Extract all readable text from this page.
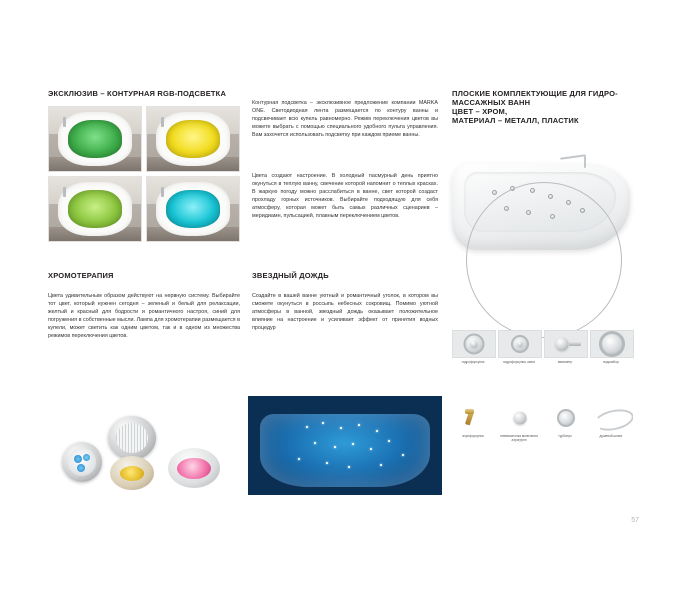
ЭКСКЛЮЗИВ – КОНТУРНАЯ RGB-ПОДСВЕТКА
Контурная подсветка – эксклюзивное предложение компании MARKA ONE. Светодиодная лента размещается по контуру ванны и подсвечивает всю купель равномерно. Режим переключения цветов вы можете выбрать с помощью специального удобного пульта управления. Вам захочется использовать подсветку при каждом приеме ванны.
Цвета создают настроение. В холодный пасмурный день приятно окунуться в теплую ванну, свечение которой напомнит о теплых красках. В жаркую погоду можно расслабиться в ванне, свет которой создаст прохладу горных источников. Выбирайте подходящую для себя атмосферу, которая может быть самых различных сценариев – меридиамн, пульсацией, плавным переключением цветов.
ХРОМОТЕРАПИЯ
Цвета удивительным образом действуют на нервную систему. Выбирайте тот цвет, который нужнен сегодня – зеленый и белый для релаксации, желтый и красный для бодрости и романтичного настроя, синий для погружения в собственные мысли. Лампа для хромотерапии размещается в купели, может светить как одним цветом, так и в одном из множества режимов переключения цветов.
ЗВЕЗДНЫЙ ДОЖДЬ
Создайте в вашей ванне уютный и романтичный уголок, в котором вы сможете окунуться в россыпь небесных сокровищ. Помимо уютной атмосферы в ванной, звездный дождь оказывает положительное влияние на настроение и усиливает эффект от принятия водных процедур
ПЛОСКИЕ КОМПЛЕКТУЮЩИЕ ДЛЯ ГИДРО-
МАССАЖНЫХ ВАНН
ЦВЕТ – ХРОМ,
МАТЕРИАЛ – МЕТАЛЛ, ПЛАСТИК
гидрофорсунка	гидрофорсунка, мини	манометр	водозабор
аэрофорсунка	пневмокнопка включения аэрогрупп
турбопул	душевой шланг
57
